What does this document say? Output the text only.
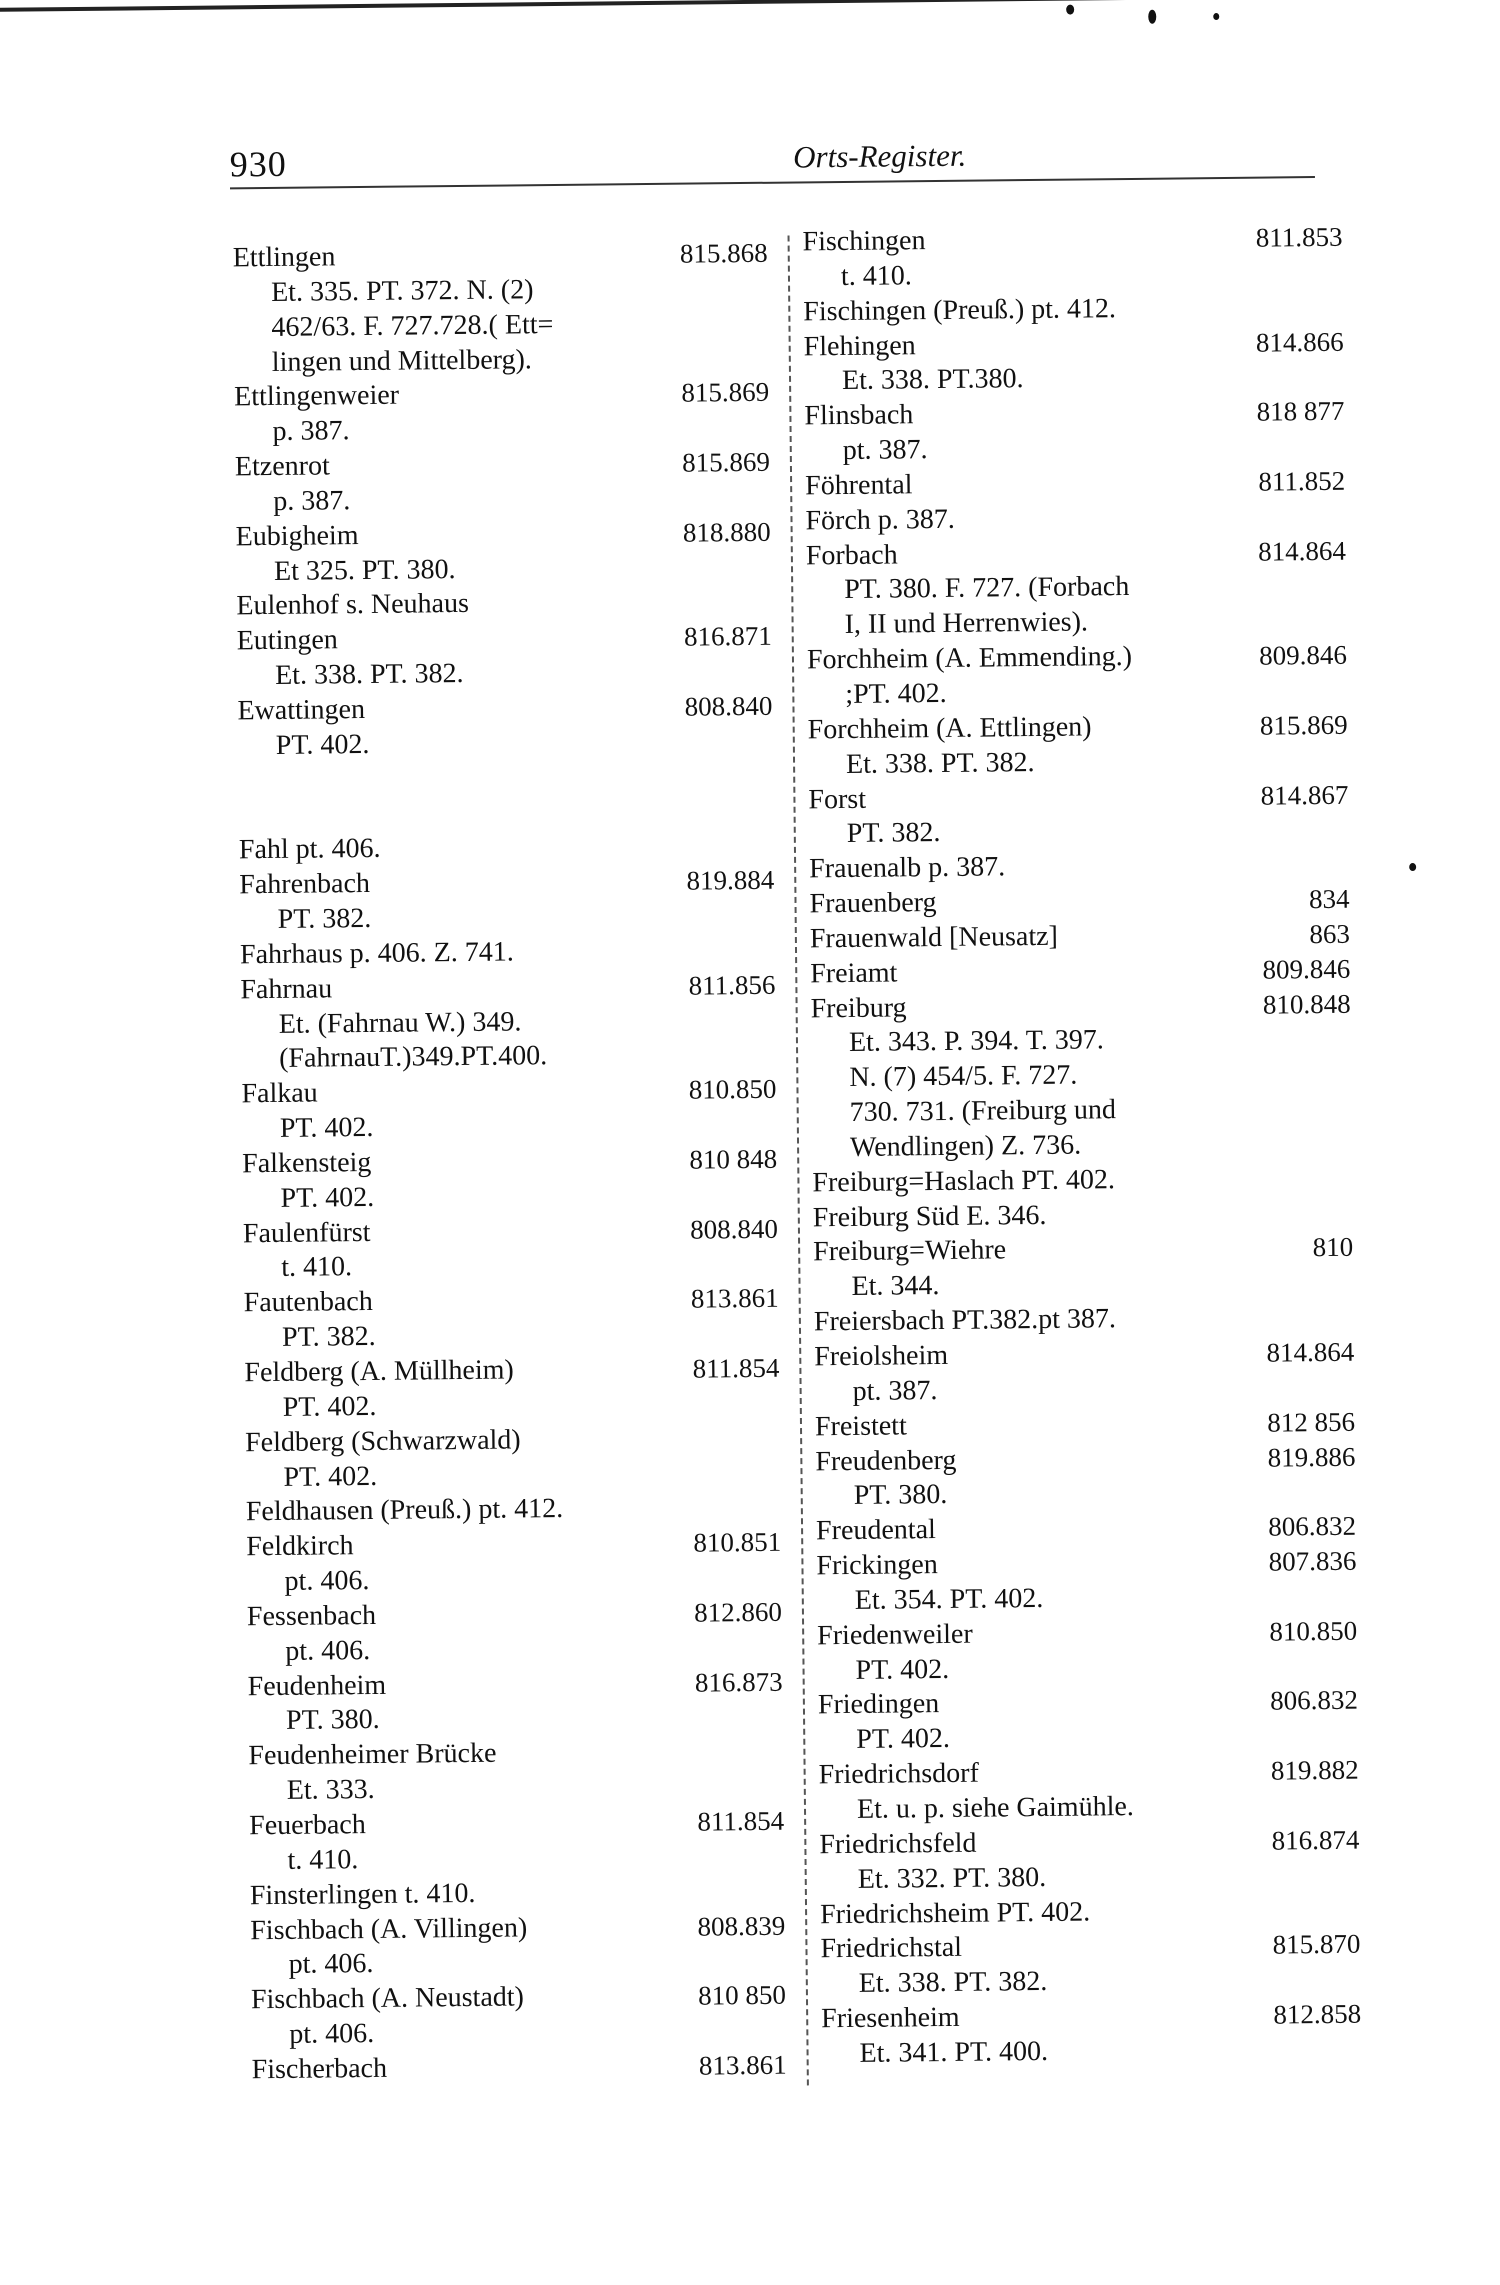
930	Orts-Register.
Ettlingen	815.868
Et. 335. PT. 372. N. (2)
462/63. F. 727.728.( Ett=
lingen und Mittelberg).
Ettlingenweier	815.869
p. 387.
Etzenrot	815.869
p. 387.
Eubigheim	818.880
Et 325. PT. 380.
Eulenhof s. Neuhaus
Eutingen	816.871
Et. 338. PT. 382.
Ewattingen	808.840
PT. 402.
Fahl pt. 406.
Fahrenbach	819.884
PT. 382.
Fahrhaus p. 406. Z. 741.
Fahrnau	811.856
Et. (Fahrnau W.) 349.
(FahrnauT.)349.PT.400.
Falkau	810.850
PT. 402.
Falkensteig	810 848
PT. 402.
Faulenfürst	808.840
t. 410.
Fautenbach	813.861
PT. 382.
Feldberg (A. Müllheim)	811.854
PT. 402.
Feldberg (Schwarzwald)
PT. 402.
Feldhausen (Preuß.) pt. 412.
Feldkirch	810.851
pt. 406.
Fessenbach	812.860
pt. 406.
Feudenheim	816.873
PT. 380.
Feudenheimer Brücke
Et. 333.
Feuerbach	811.854
t. 410.
Finsterlingen t. 410.
Fischbach (A. Villingen)	808.839
pt. 406.
Fischbach (A. Neustadt)	810 850
pt. 406.
Fischerbach	813.861
Fischingen	811.853
t. 410.
Fischingen (Preuß.) pt. 412.
Flehingen	814.866
Et. 338. PT.380.
Flinsbach	818 877
pt. 387.
Föhrental	811.852
Förch p. 387.
Forbach	814.864
PT. 380. F. 727. (Forbach
I, II und Herrenwies).
Forchheim (A. Emmending.)	809.846
;PT. 402.
Forchheim (A. Ettlingen)	815.869
Et. 338. PT. 382.
Forst	814.867
PT. 382.
Frauenalb p. 387.
Frauenberg	834
Frauenwald [Neusatz]	863
Freiamt	809.846
Freiburg	810.848
Et. 343. P. 394. T. 397.
N. (7) 454/5. F. 727.
730. 731. (Freiburg und
Wendlingen) Z. 736.
Freiburg=Haslach PT. 402.
Freiburg Süd E. 346.
Freiburg=Wiehre	810
Et. 344.
Freiersbach PT.382.pt 387.
Freiolsheim	814.864
pt. 387.
Freistett	812 856
Freudenberg	819.886
PT. 380.
Freudental	806.832
Frickingen	807.836
Et. 354. PT. 402.
Friedenweiler	810.850
PT. 402.
Friedingen	806.832
PT. 402.
Friedrichsdorf	819.882
Et. u. p. siehe Gaimühle.
Friedrichsfeld	816.874
Et. 332. PT. 380.
Friedrichsheim PT. 402.
Friedrichstal	815.870
Et. 338. PT. 382.
Friesenheim	812.858
Et. 341. PT. 400.
